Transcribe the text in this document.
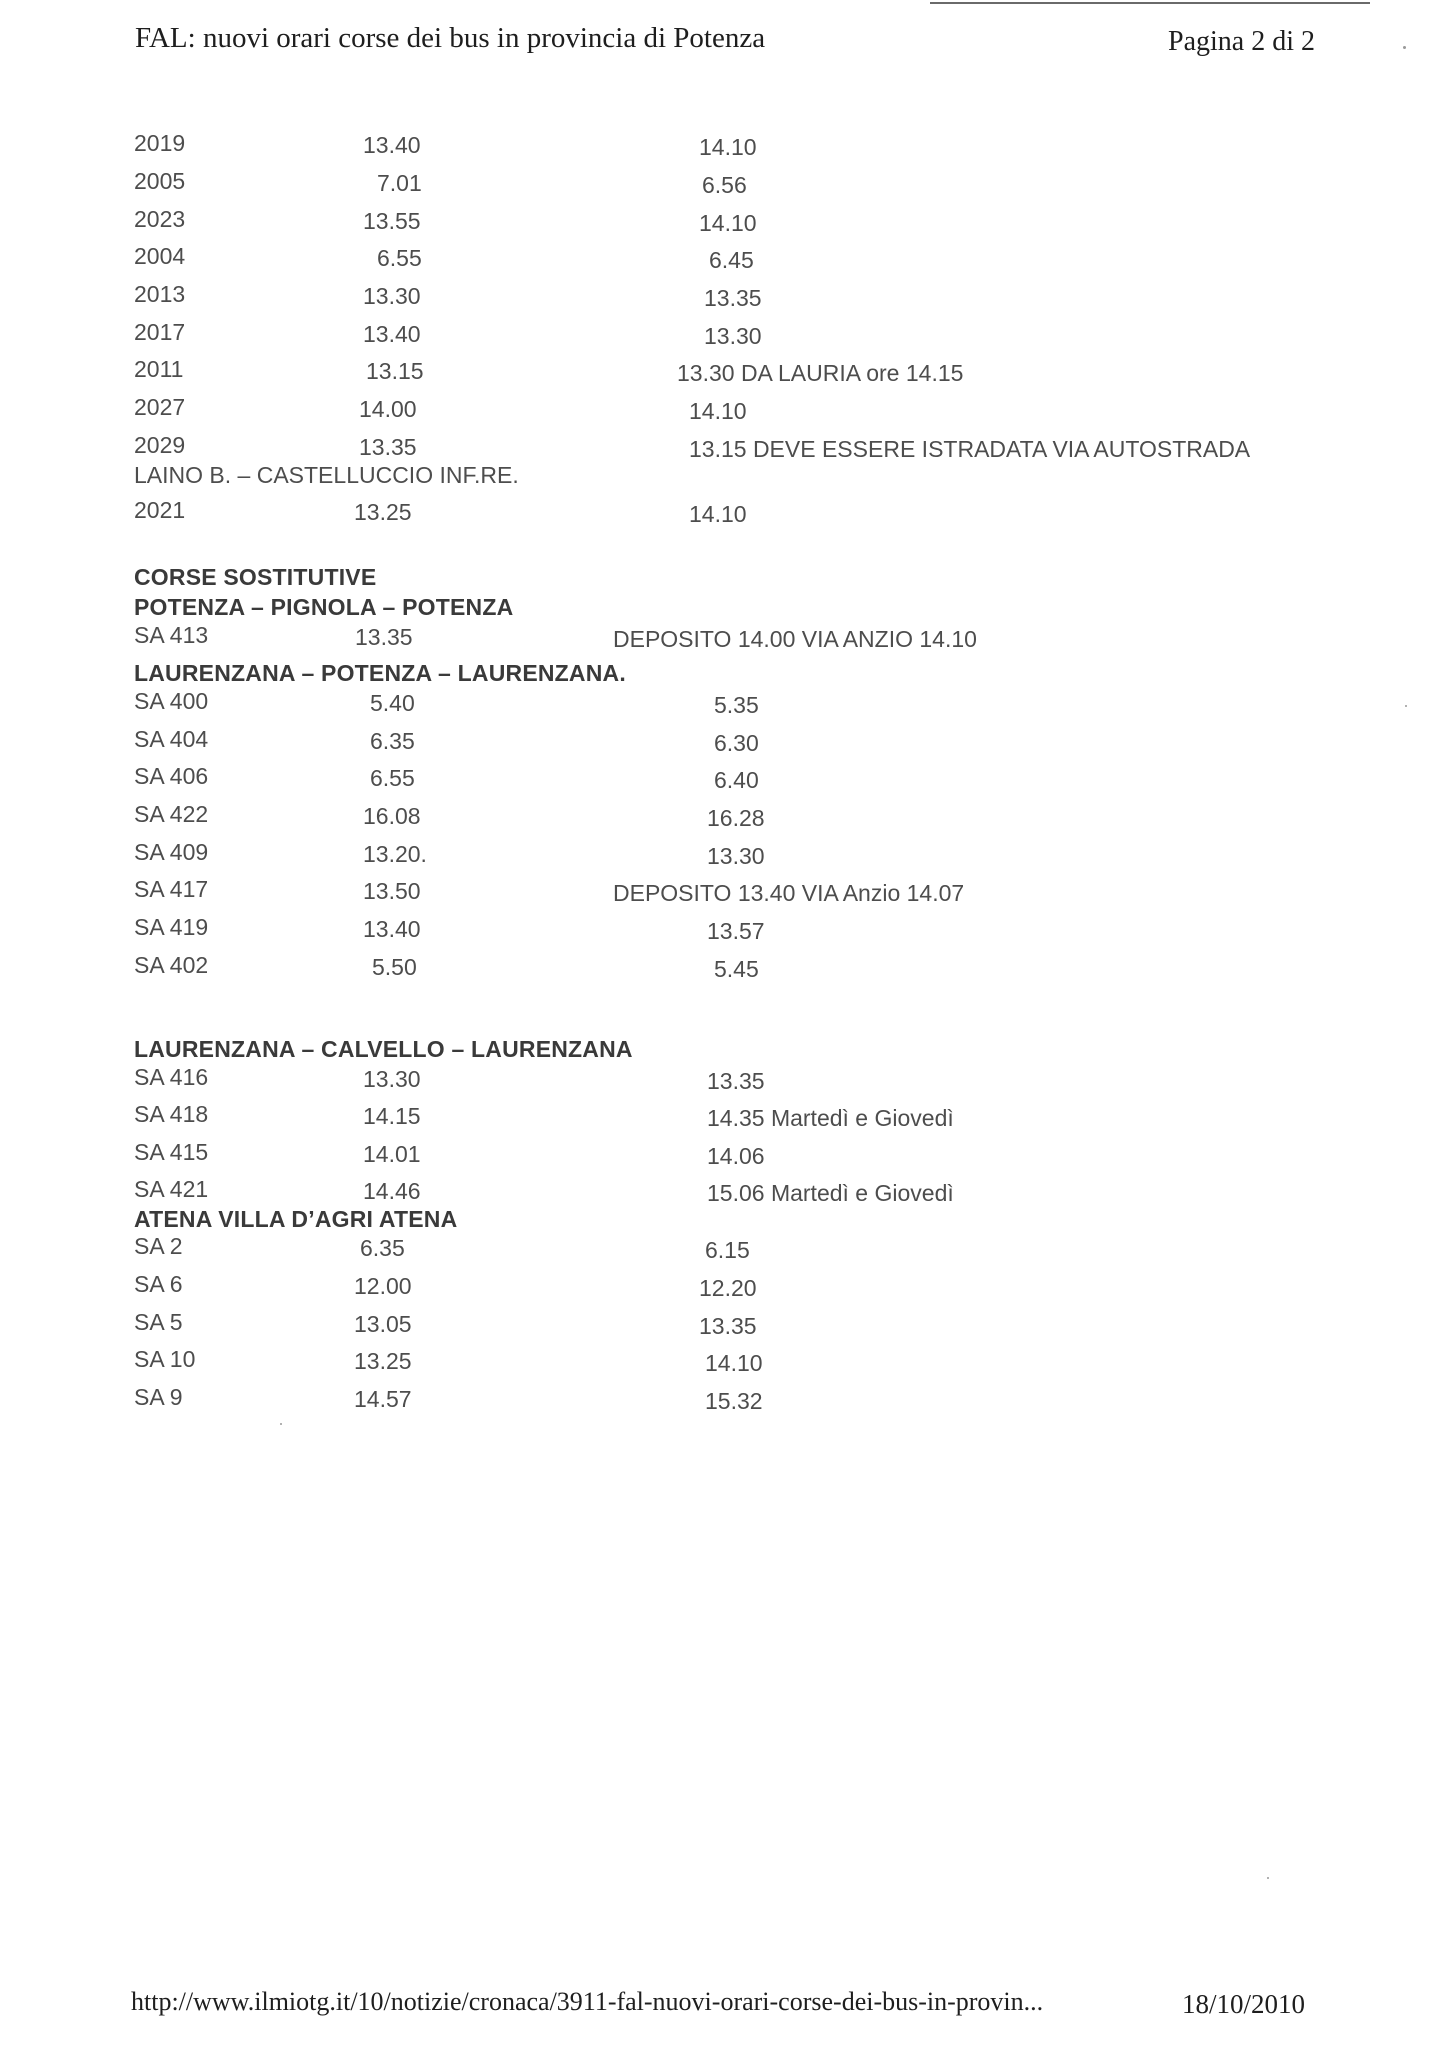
FAL: nuovi orari corse dei bus in provincia di Potenza	Pagina 2 di 2
2019	13.40	14.10
2005	7.01	6.56
2023	13.55	14.10
2004	6.55	6.45
2013	13.30	13.35
2017	13.40	13.30
2011	13.15	13.30 DA LAURIA ore 14.15
2027	14.00	14.10
2029	13.35	13.15 DEVE ESSERE ISTRADATA VIA AUTOSTRADA
LAINO B. – CASTELLUCCIO INF.RE.
2021	13.25	14.10
CORSE SOSTITUTIVE
POTENZA – PIGNOLA – POTENZA
SA 413	13.35	DEPOSITO 14.00 VIA ANZIO 14.10
LAURENZANA – POTENZA – LAURENZANA.
SA 400	5.40	5.35
SA 404	6.35	6.30
SA 406	6.55	6.40
SA 422	16.08	16.28
SA 409	13.20.	13.30
SA 417	13.50	DEPOSITO 13.40 VIA Anzio 14.07
SA 419	13.40	13.57
SA 402	5.50	5.45
LAURENZANA – CALVELLO – LAURENZANA
SA 416	13.30	13.35
SA 418	14.15	14.35 Martedì e Giovedì
SA 415	14.01	14.06
SA 421	14.46	15.06 Martedì e Giovedì
ATENA VILLA D’AGRI ATENA
SA 2	6.35	6.15
SA 6	12.00	12.20
SA 5	13.05	13.35
SA 10	13.25	14.10
SA 9	14.57	15.32
http://www.ilmiotg.it/10/notizie/cronaca/3911-fal-nuovi-orari-corse-dei-bus-in-provin...	18/10/2010
